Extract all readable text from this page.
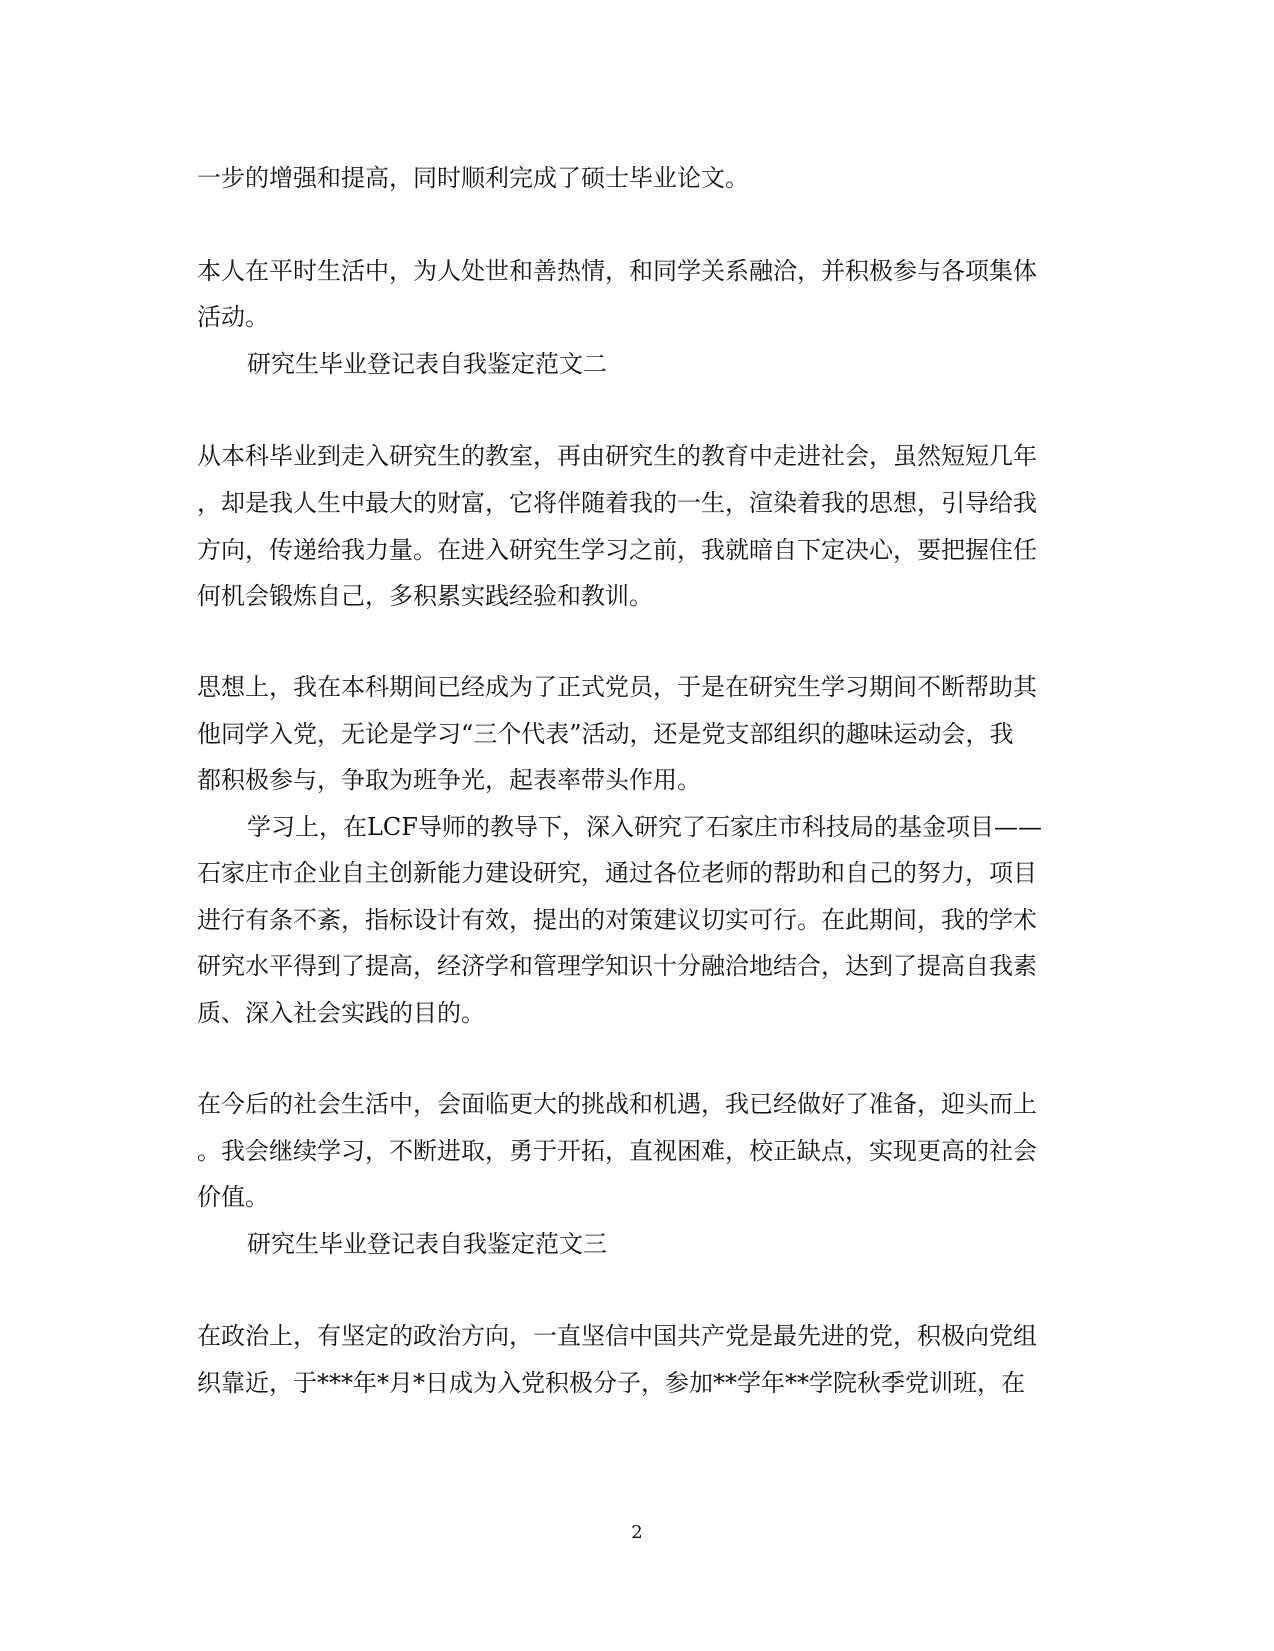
一步的增强和提高，同时顺利完成了硕士毕业论文。
本人在平时生活中，为人处世和善热情，和同学关系融洽，并积极参与各项集体
活动。
研究生毕业登记表自我鉴定范文二
从本科毕业到走入研究生的教室，再由研究生的教育中走进社会，虽然短短几年
，却是我人生中最大的财富，它将伴随着我的一生，渲染着我的思想，引导给我
方向，传递给我力量。在进入研究生学习之前，我就暗自下定决心，要把握住任
何机会锻炼自己，多积累实践经验和教训。
思想上，我在本科期间已经成为了正式党员，于是在研究生学习期间不断帮助其
他同学入党，无论是学习“三个代表”活动，还是党支部组织的趣味运动会，我
都积极参与，争取为班争光，起表率带头作用。
学习上，在LCF导师的教导下，深入研究了石家庄市科技局的基金项目——
石家庄市企业自主创新能力建设研究，通过各位老师的帮助和自己的努力，项目
进行有条不紊，指标设计有效，提出的对策建议切实可行。在此期间，我的学术
研究水平得到了提高，经济学和管理学知识十分融洽地结合，达到了提高自我素
质、深入社会实践的目的。
在今后的社会生活中，会面临更大的挑战和机遇，我已经做好了准备，迎头而上
。我会继续学习，不断进取，勇于开拓，直视困难，校正缺点，实现更高的社会
价值。
研究生毕业登记表自我鉴定范文三
在政治上，有坚定的政治方向，一直坚信中国共产党是最先进的党，积极向党组
织靠近，于***年*月*日成为入党积极分子，参加**学年**学院秋季党训班，在
2
